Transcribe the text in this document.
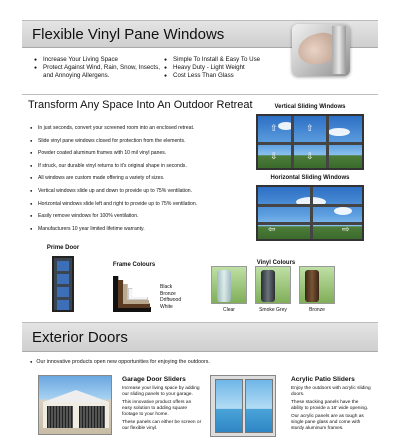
Flexible Vinyl Pane Windows
● Increase Your Living Space
● Protect Against Wind, Rain, Snow, Insects, and Annoying Allergens.
● Simple To Install & Easy To Use
● Heavy Duty - Light Weight
● Cost Less Than Glass
Transform Any Space Into An Outdoor Retreat
● In just seconds, convert your screened room into an enclosed retreat.
● Slide vinyl pane windows closed for protection from the elements.
● Powder coated aluminum frames with 10 mil vinyl panes.
● If struck, our durable vinyl returns to it's original shape in seconds.
● All windows are custom made offering a variety of sizes.
● Vertical windows slide up and down to provide up to 75% ventilation.
● Horizontal windows slide left and right to provide up to 75% ventilation.
● Easily remove windows for 100% ventilation.
● Manufacturers 10 year limited lifetime warranty.
Vertical Sliding Windows
⇧
⇩
⇧
⇩
Horizontal Sliding Windows
⇦	⇨
Prime Door
Frame Colours
Black
Bronze
Driftwood
White
Vinyl Colours
Clear	Smoke Grey	Bronze
Exterior Doors
● Our innovative products open new opportunities for enjoying the outdoors.
Garage Door Sliders

Increase your living space by adding our sliding panels to your garage.

This innovative product offers an easy solution to adding square footage to your home.

These panels can either be screen or our flexible vinyl.

Acrylic Patio Sliders

Enjoy the outdoors with acrylic sliding doors.

These stacking panels have the ability to provide a 16' wide opening.

Our acrylic panels are as tough as single pane glass and come with sturdy aluminum frames.
